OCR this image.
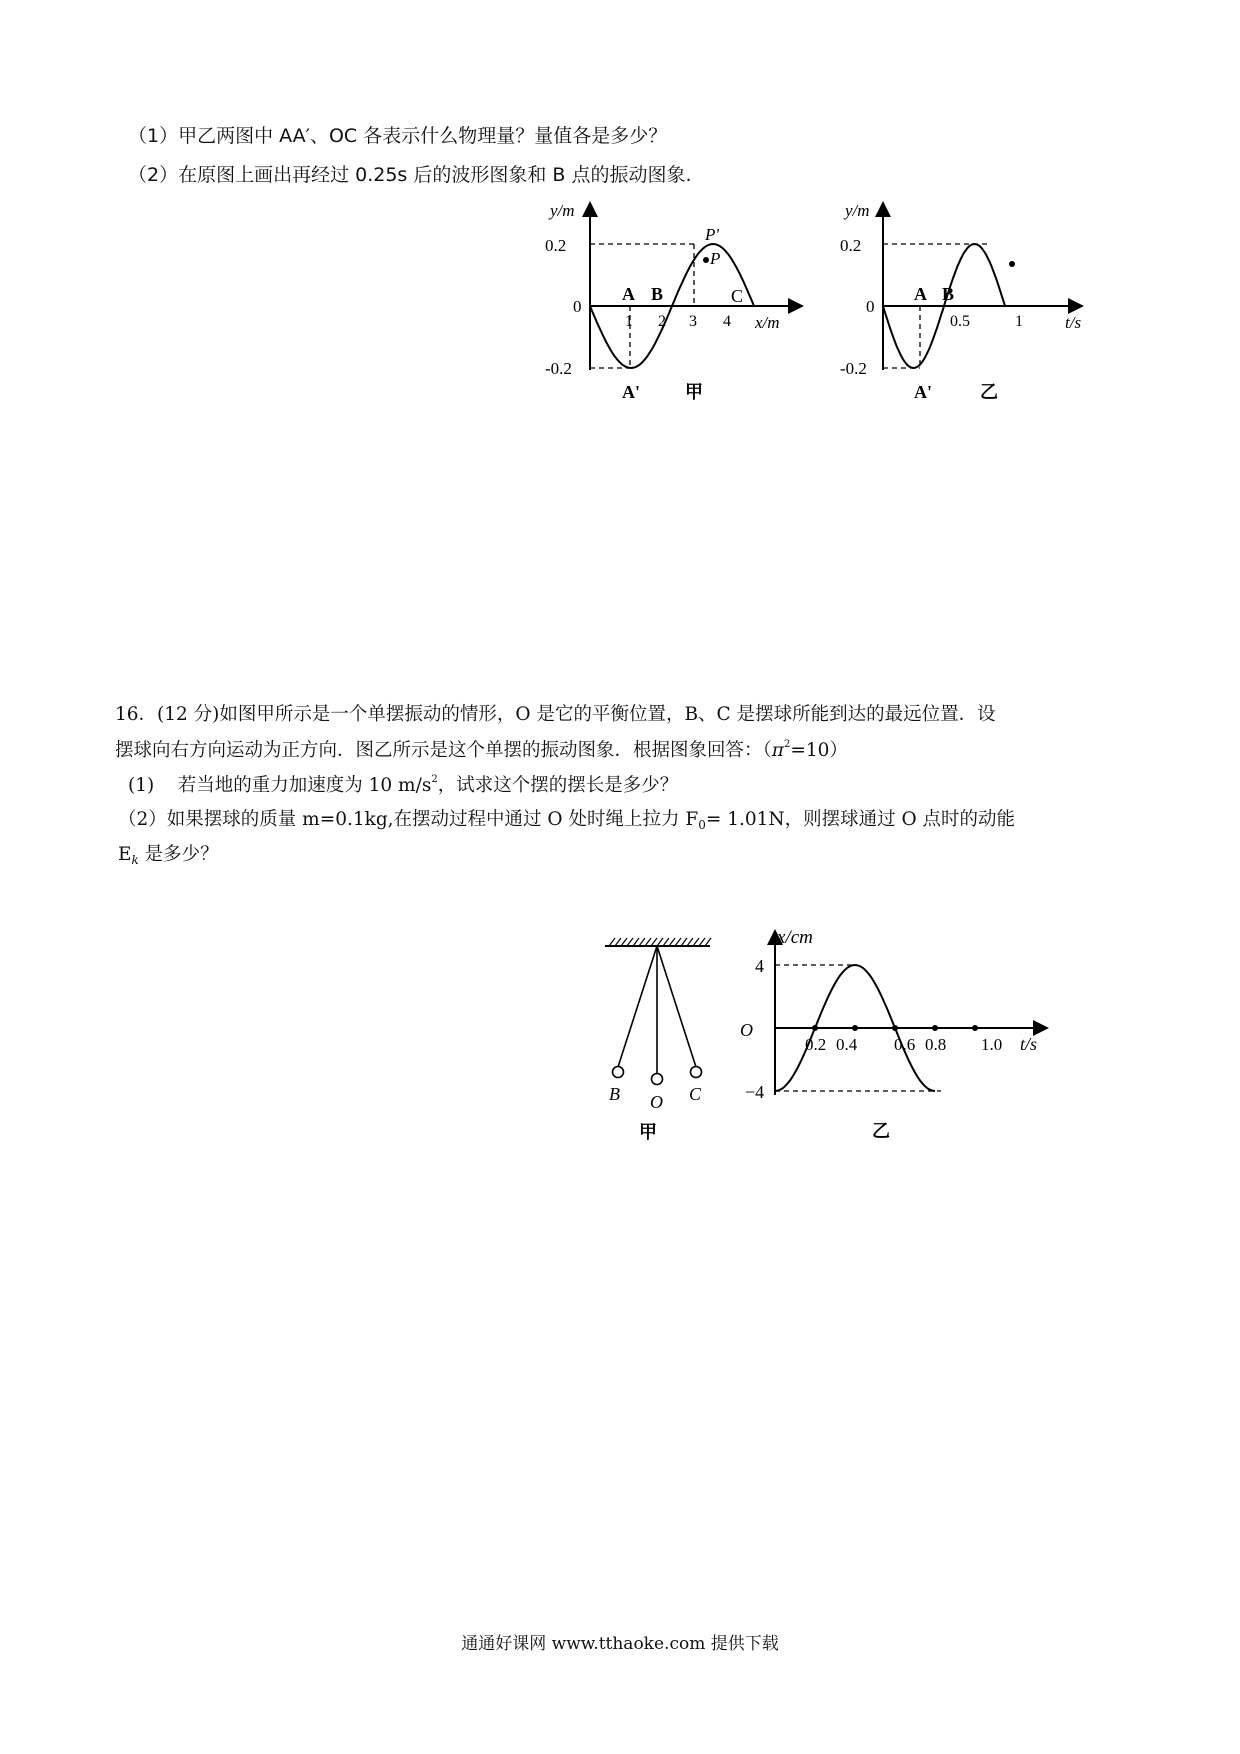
（1）甲乙两图中 AA′、OC 各表示什么物理量？量值各是多少？
（2）在原图上画出再经过 0.25s 后的波形图象和 B 点的振动图象.
y/m
0.2
0
-0.2
1 2 3 4 x/m
A B	C
P'
P
A'	甲
y/m
0.2
0
-0.2
0.5	1 t/s
A B
A'	乙
16．(12 分)如图甲所示是一个单摆振动的情形，O 是它的平衡位置，B、C 是摆球所能到达的最远位置．设
摆球向右方向运动为正方向．图乙所示是这个单摆的振动图象．根据图象回答：$(\pi^2=10)$
(1) 若当地的重力加速度为 10 $m/s^2$，试求这个摆的摆长是多少？
（2）如果摆球的质量 m=0.1kg,在摆动过程中通过 O 处时绳上拉力 $F_0= 1.01N$，则摆球通过 O 点时的动能
$E_k$ 是多少？
B O C
甲
x/cm
4
O
−4
0.2 0.4 0.6 0.8 1.0 t/s
乙
通通好课网 www.tthaoke.com 提供下载
